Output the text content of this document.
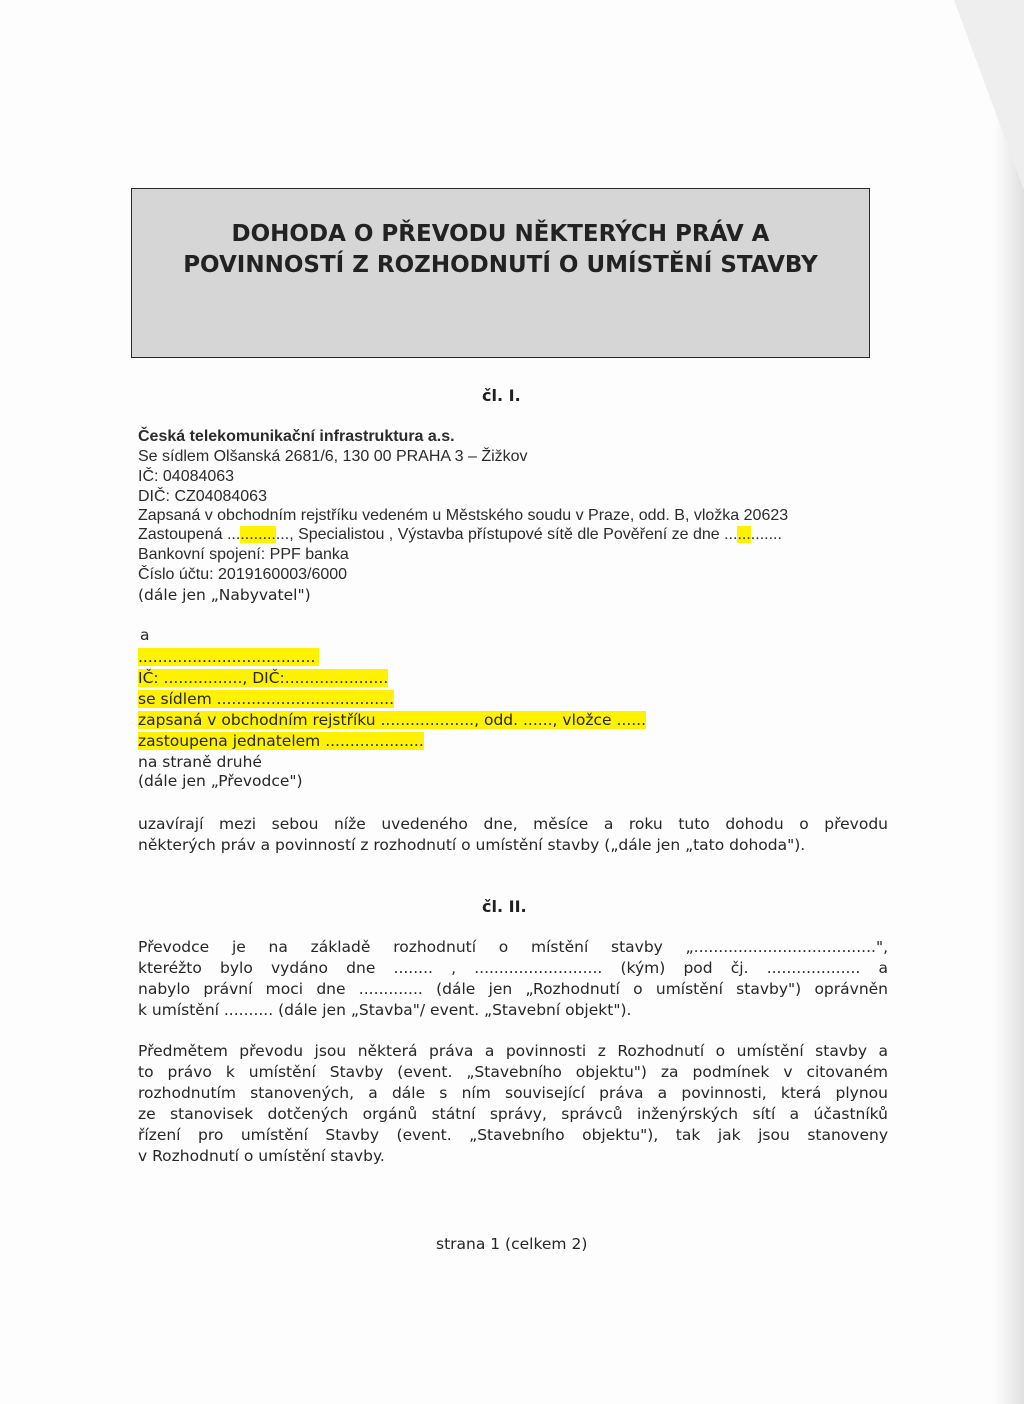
DOHODA O PŘEVODU NĚKTERÝCH PRÁV A
POVINNOSTÍ Z ROZHODNUTÍ O UMÍSTĚNÍ STAVBY
čl. I.
Česká telekomunikační infrastruktura a.s.
Se sídlem Olšanská 2681/6, 130 00 PRAHA 3 – Žižkov
IČ: 04084063
DIČ: CZ04084063
Zapsaná v obchodním rejstříku vedeném u Městského soudu v Praze, odd. B, vložka 20623
Zastoupená .............., Specialistou , Výstavba přístupové sítě dle Pověření ze dne .............
Bankovní spojení: PPF banka
Číslo účtu: 2019160003/6000
(dále jen „Nabyvatel")
a
....................................
IČ: ................, DIČ:.....................
se sídlem ....................................
zapsaná v obchodním rejstříku ..................., odd. ......, vložce ......
zastoupena jednatelem ....................
na straně druhé
(dále jen „Převodce")
uzavírají mezi sebou níže uvedeného dne, měsíce a roku tuto dohodu o převodu
některých práv a povinností z rozhodnutí o umístění stavby („dále jen „tato dohoda").
čl. II.
Převodce je na základě rozhodnutí o místění stavby „.....................................",
kteréžto bylo vydáno dne ........ , .......................... (kým) pod čj. ................... a
nabylo právní moci dne ............. (dále jen „Rozhodnutí o umístění stavby") oprávněn
k umístění .......... (dále jen „Stavba"/ event. „Stavební objekt").
Předmětem převodu jsou některá práva a povinnosti z Rozhodnutí o umístění stavby a
to právo k umístění Stavby (event. „Stavebního objektu") za podmínek v citovaném
rozhodnutím stanovených, a dále s ním související práva a povinnosti, která plynou
ze stanovisek dotčených orgánů státní správy, správců inženýrských sítí a účastníků
řízení pro umístění Stavby (event. „Stavebního objektu"), tak jak jsou stanoveny
v Rozhodnutí o umístění stavby.
strana 1 (celkem 2)
